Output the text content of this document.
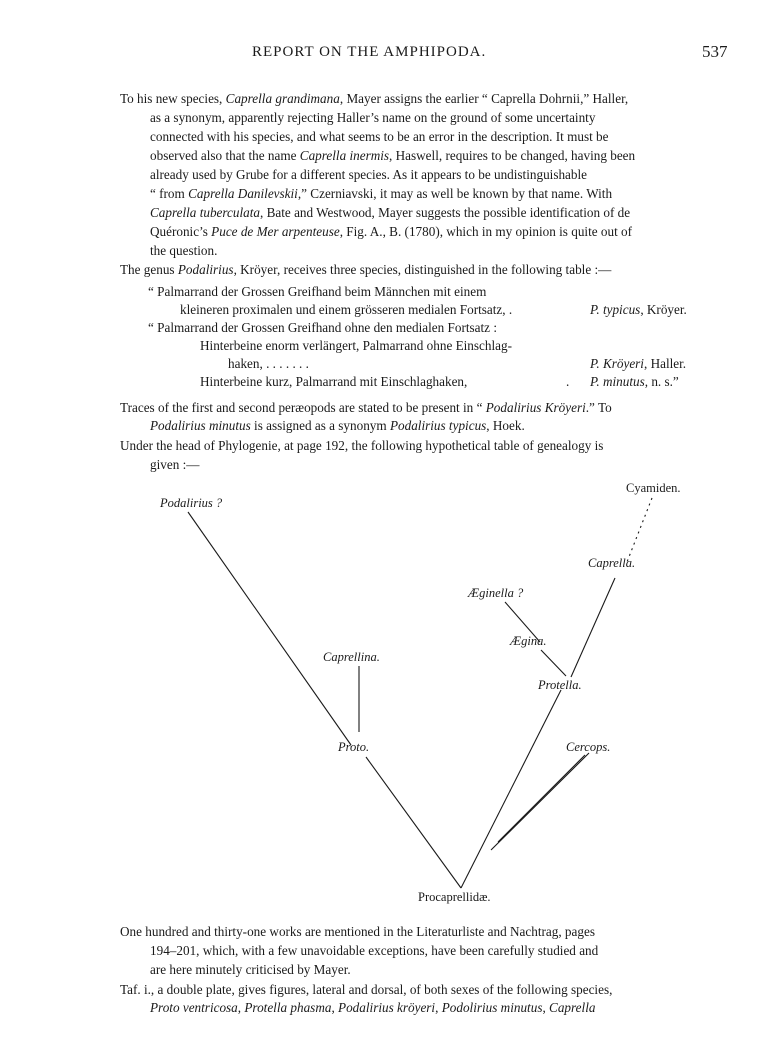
REPORT ON THE AMPHIPODA.	537
To his new species, Caprella grandimana, Mayer assigns the earlier “ Caprella Dohrnii,” Haller,
as a synonym, apparently rejecting Haller’s name on the ground of some uncertainty
connected with his species, and what seems to be an error in the description. It must be
observed also that the name Caprella inermis, Haswell, requires to be changed, having been
already used by Grube for a different species. As it appears to be undistinguishable
“ from Caprella Danilevskii,” Czerniavski, it may as well be known by that name. With
Caprella tuberculata, Bate and Westwood, Mayer suggests the possible identification of de
Quéronic’s Puce de Mer arpenteuse, Fig. A., B. (1780), which in my opinion is quite out of
the question.
The genus Podalirius, Kröyer, receives three species, distinguished in the following table :—
“ Palmarrand der Grossen Greifhand beim Männchen mit einem
kleineren proximalen und einem grösseren medialen Fortsatz, .	P. typicus, Kröyer.
“ Palmarrand der Grossen Greifhand ohne den medialen Fortsatz :
Hinterbeine enorm verlängert, Palmarrand ohne Einschlag-
haken, . . . . . . .	P. Kröyeri, Haller.
Hinterbeine kurz, Palmarrand mit Einschlaghaken,	. P. minutus, n. s.”
Traces of the first and second peræopods are stated to be present in “ Podalirius Kröyeri.” To
Podalirius minutus is assigned as a synonym Podalirius typicus, Hoek.
Under the head of Phylogenie, at page 192, the following hypothetical table of genealogy is
given :—
Podalirius ?
Cyamiden.
Caprella.
Æginella ?
Ægina.
Caprellina.
Protella.
Proto.	Cercops.
Procaprellidæ.
One hundred and thirty-one works are mentioned in the Literaturliste and Nachtrag, pages
194–201, which, with a few unavoidable exceptions, have been carefully studied and
are here minutely criticised by Mayer.
Taf. i., a double plate, gives figures, lateral and dorsal, of both sexes of the following species,
Proto ventricosa, Protella phasma, Podalirius kröyeri, Podolirius minutus, Caprella
